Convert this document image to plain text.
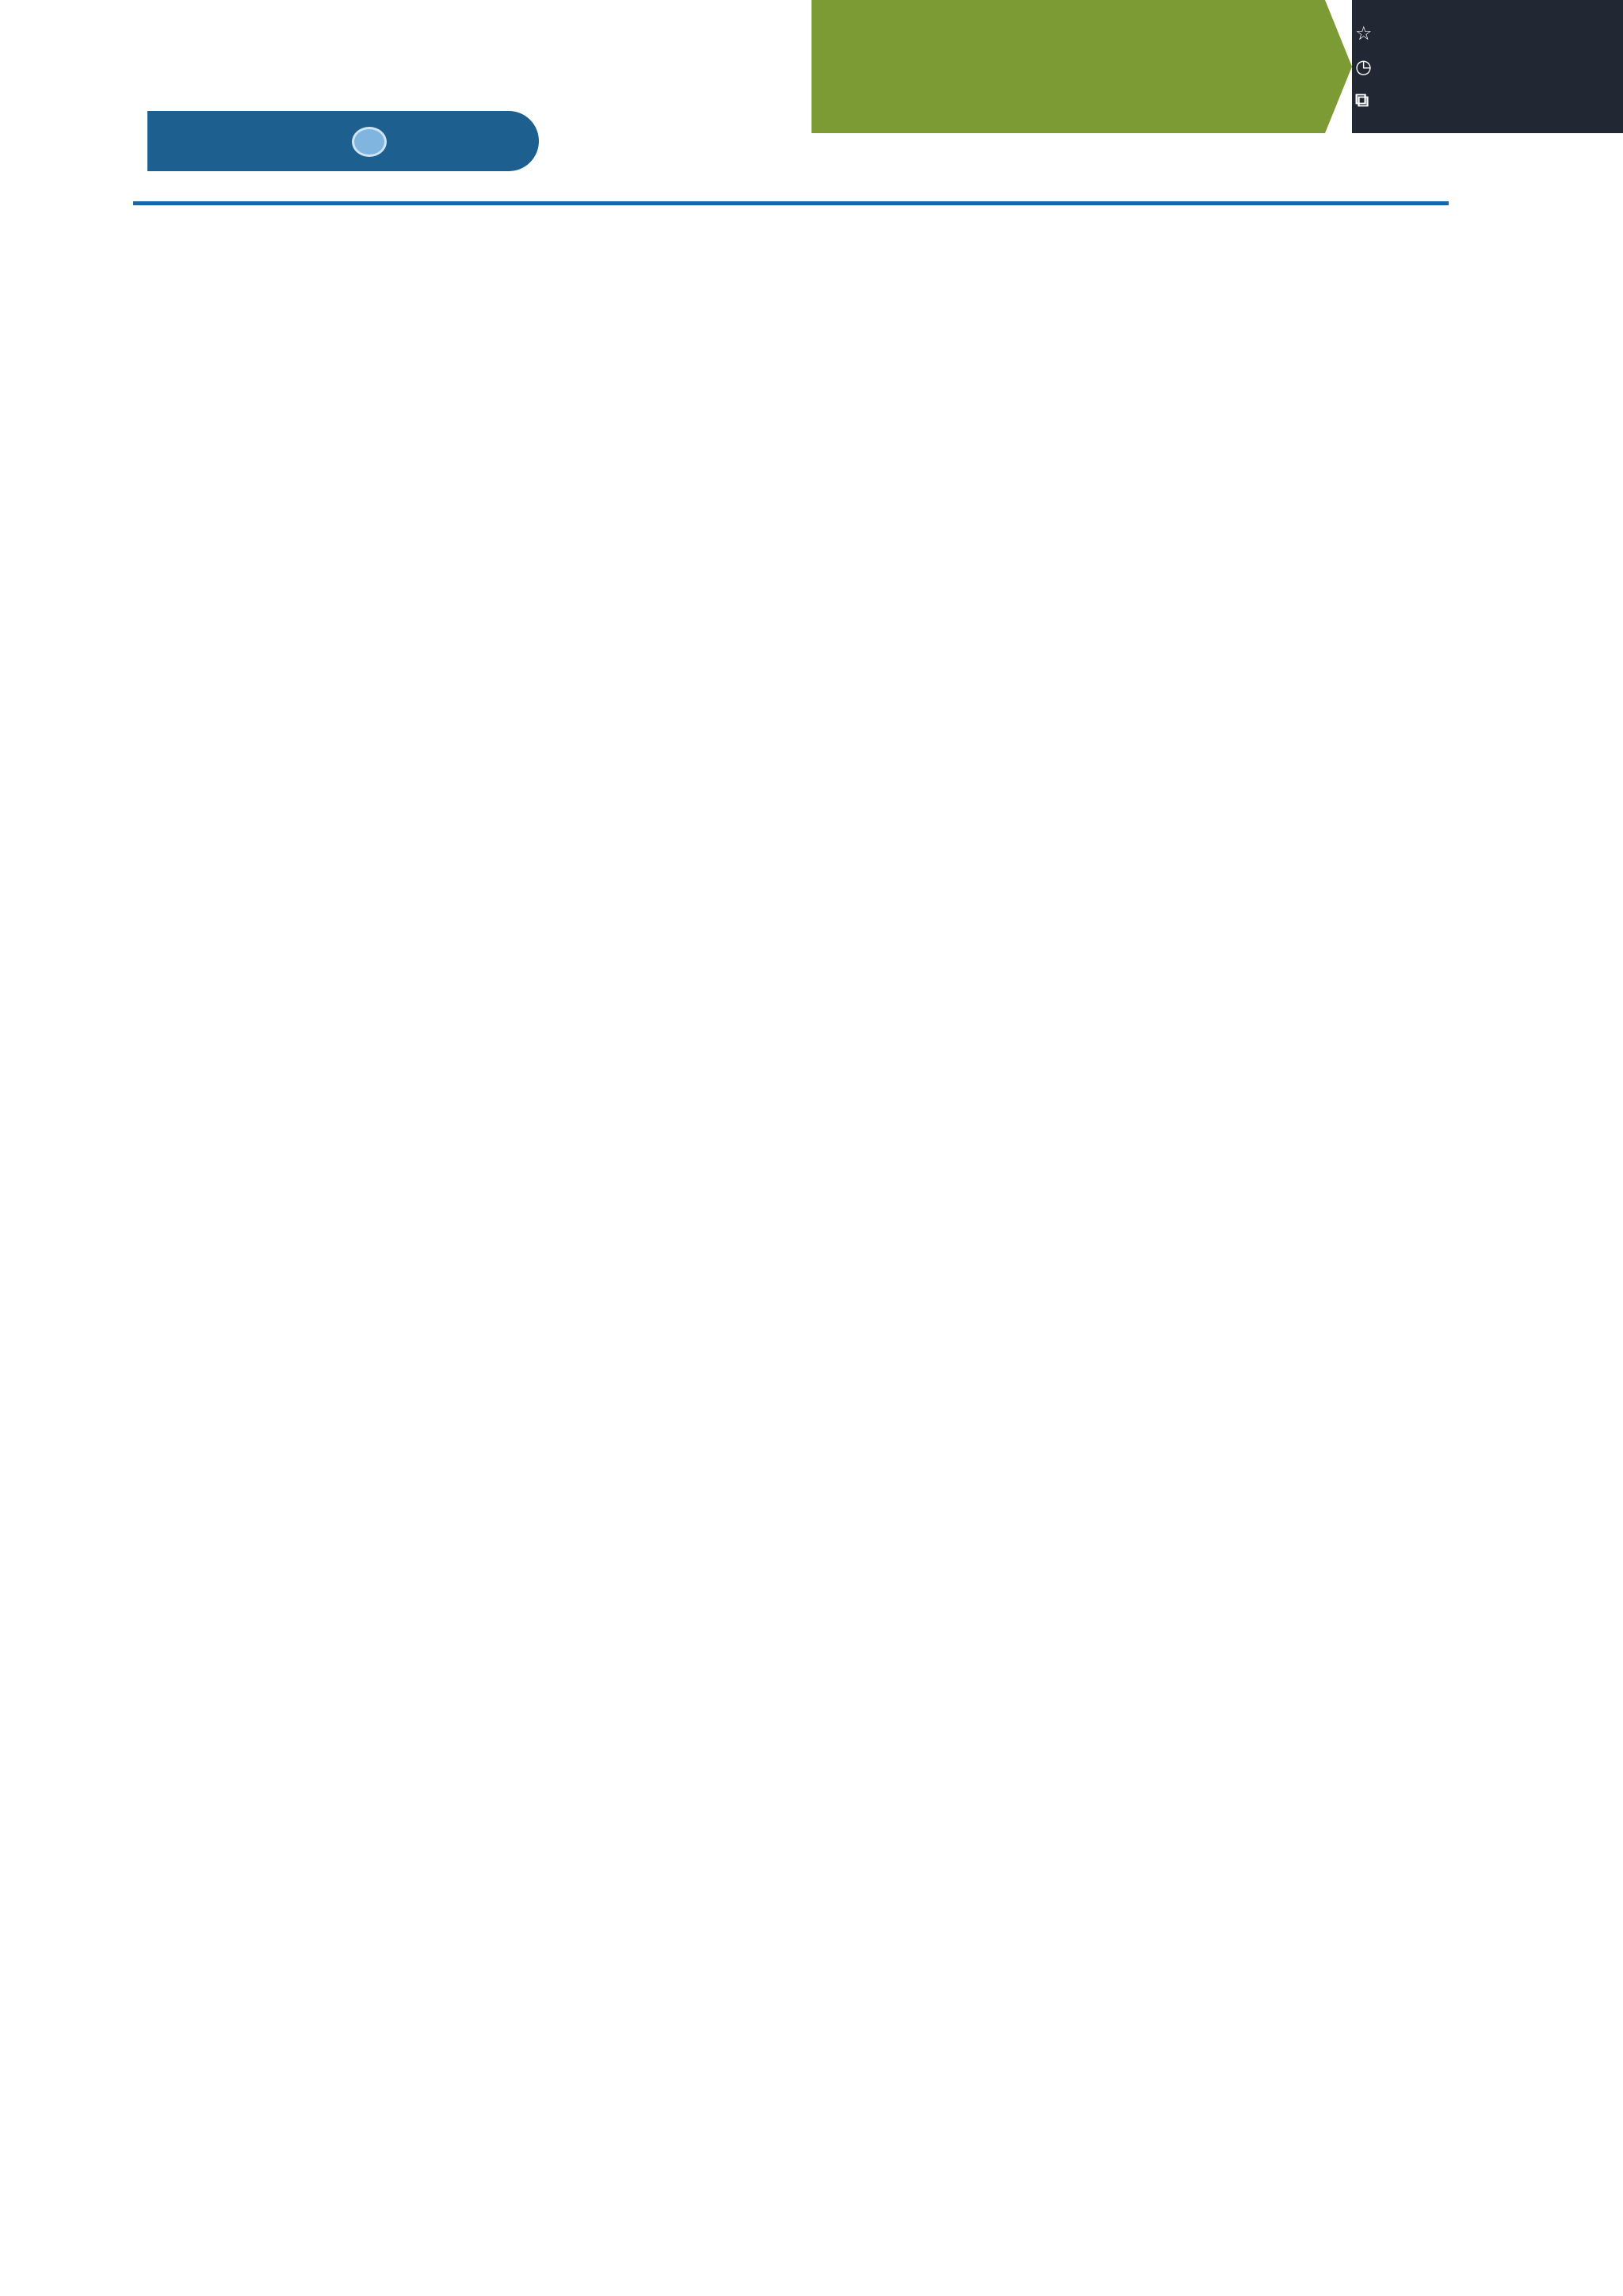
☆
◷
⧉
